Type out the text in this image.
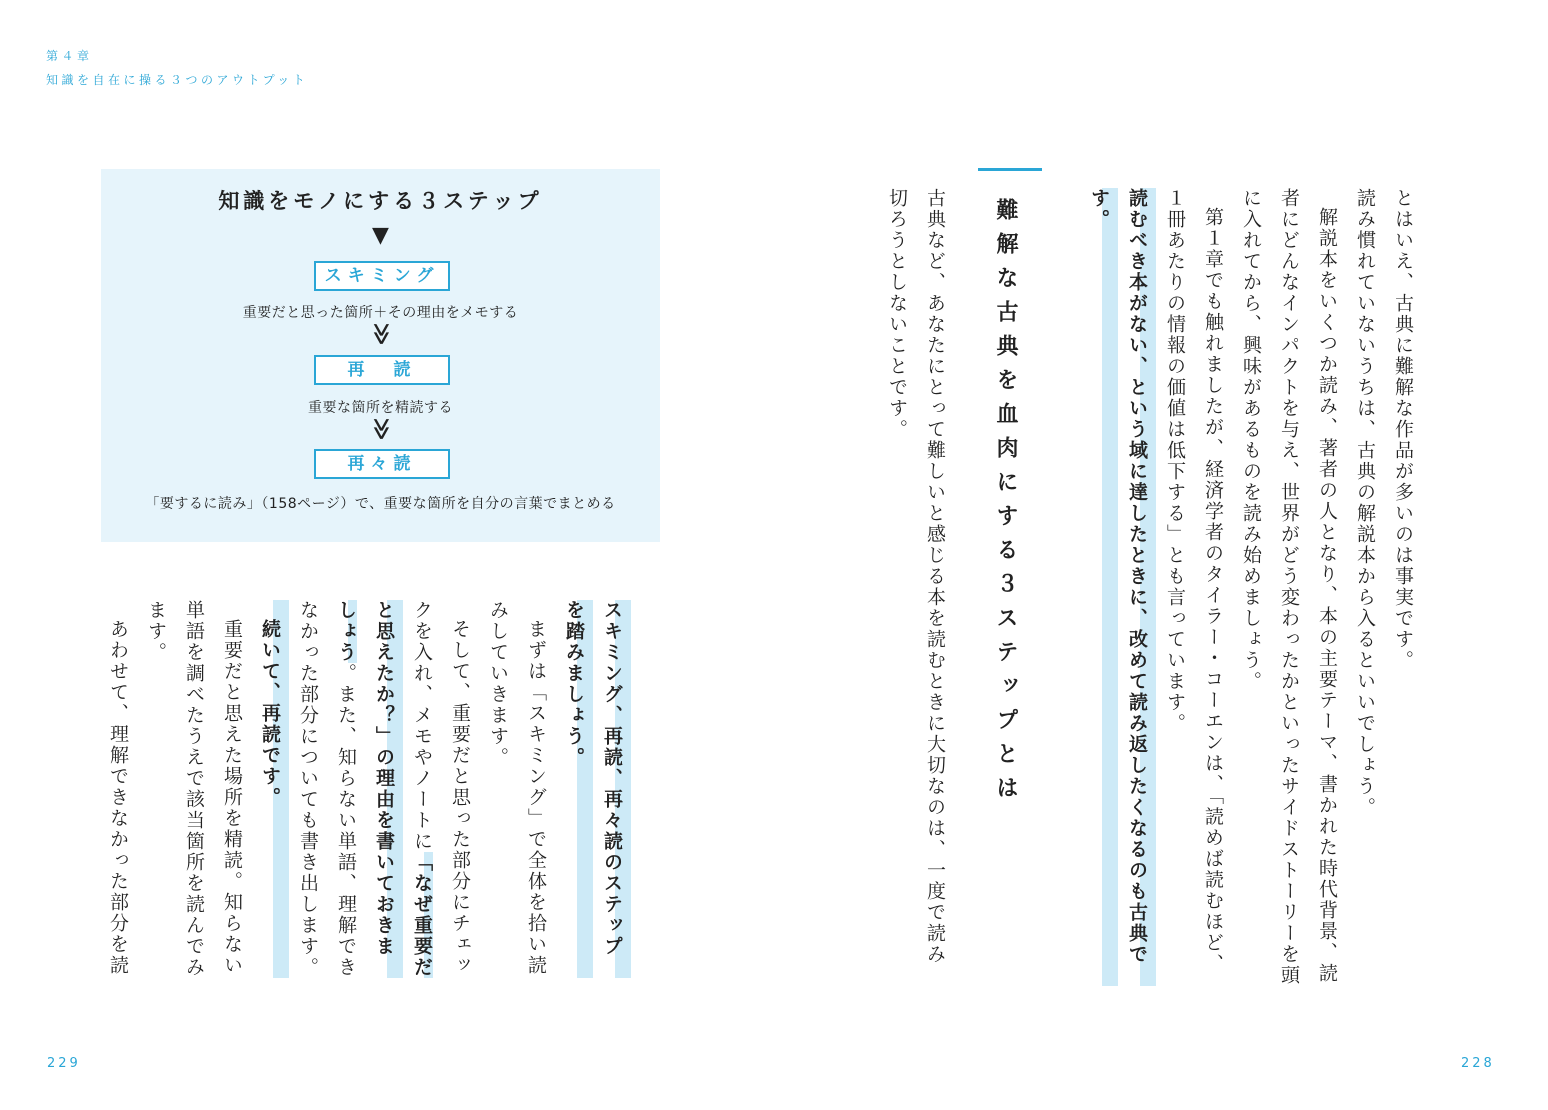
第４章
知識を自在に操る３つのアウトプット
とはいえ、古典に難解な作品が多いのは事実です。
読み慣れていないうちは、古典の解説本から入るといいでしょう。
解説本をいくつか読み、著者の人となり、本の主要テーマ、書かれた時代背景、読
者にどんなインパクトを与え、世界がどう変わったかといったサイドストーリーを頭
に入れてから、興味があるものを読み始めましょう。
第１章でも触れましたが、経済学者のタイラー・コーエンは、「読めば読むほど、
１冊あたりの情報の価値は低下する」とも言っています。
読むべき本がない、という域に達したときに、改めて読み返したくなるのも古典で
す。
難解な古典を血肉にする３ステップとは
古典など、あなたにとって難しいと感じる本を読むときに大切なのは、一度で読み
切ろうとしないことです。
知識をモノにする３ステップ
▼
スキミング
重要だと思った箇所＋その理由をメモする
≫
再　読
重要な箇所を精読する
≫
再々読
「要するに読み」（158ページ）で、重要な箇所を自分の言葉でまとめる
スキミング、再読、再々読のステップ
を踏みましょう。
まずは「スキミング」で全体を拾い読
みしていきます。
そして、重要だと思った部分にチェッ
クを入れ、メモやノートに「なぜ重要だ
と思えたか？」の理由を書いておきま
しょう。また、知らない単語、理解でき
なかった部分についても書き出します。
続いて、再読です。
重要だと思えた場所を精読。知らない
単語を調べたうえで該当箇所を読んでみ
ます。
あわせて、理解できなかった部分を読
229	228
